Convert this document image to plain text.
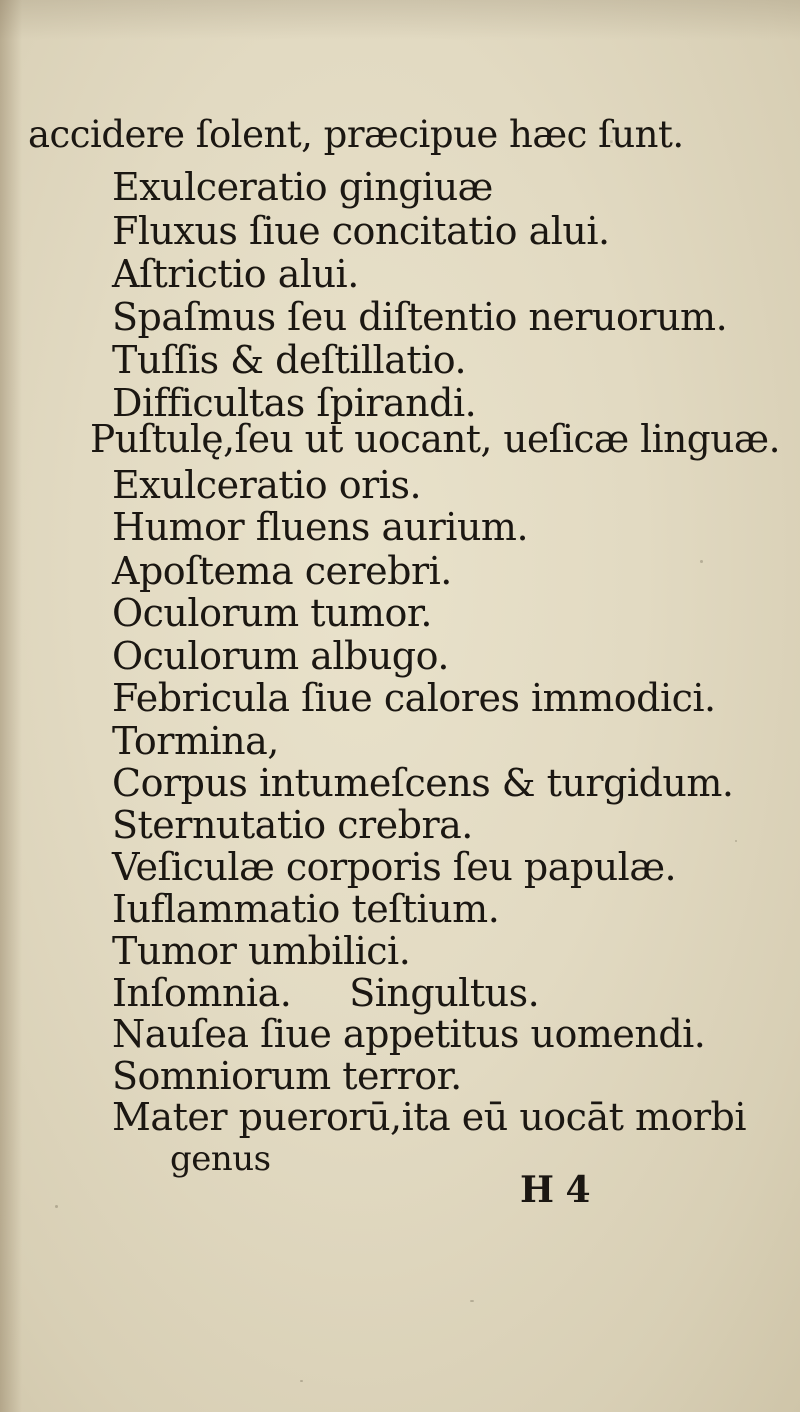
accidere ſolent, præcipue hæc ſunt.
Exulceratio gingiuæ
Fluxus ſiue concitatio alui.
Aſtrictio alui.
Spaſmus ſeu diſtentio neruorum.
Tuſſis & deſtillatio.
Difficultas ſpirandi.
Puſtulę,ſeu ut uocant, ueſicæ linguæ.
Exulceratio oris.
Humor fluens aurium.
Apoſtema cerebri.
Oculorum tumor.
Oculorum albugo.
Febricula ſiue calores immodici.
Tormina,
Corpus intumeſcens & turgidum.
Sternutatio crebra.
Veſiculæ corporis ſeu papulæ.
Iuflammatio teſtium.
Tumor umbilici.
Inſomnia.     Singultus.
Nauſea ſiue appetitus uomendi.
Somniorum terror.
Mater puerorū,ita eū uocāt morbi
genus
H 4
